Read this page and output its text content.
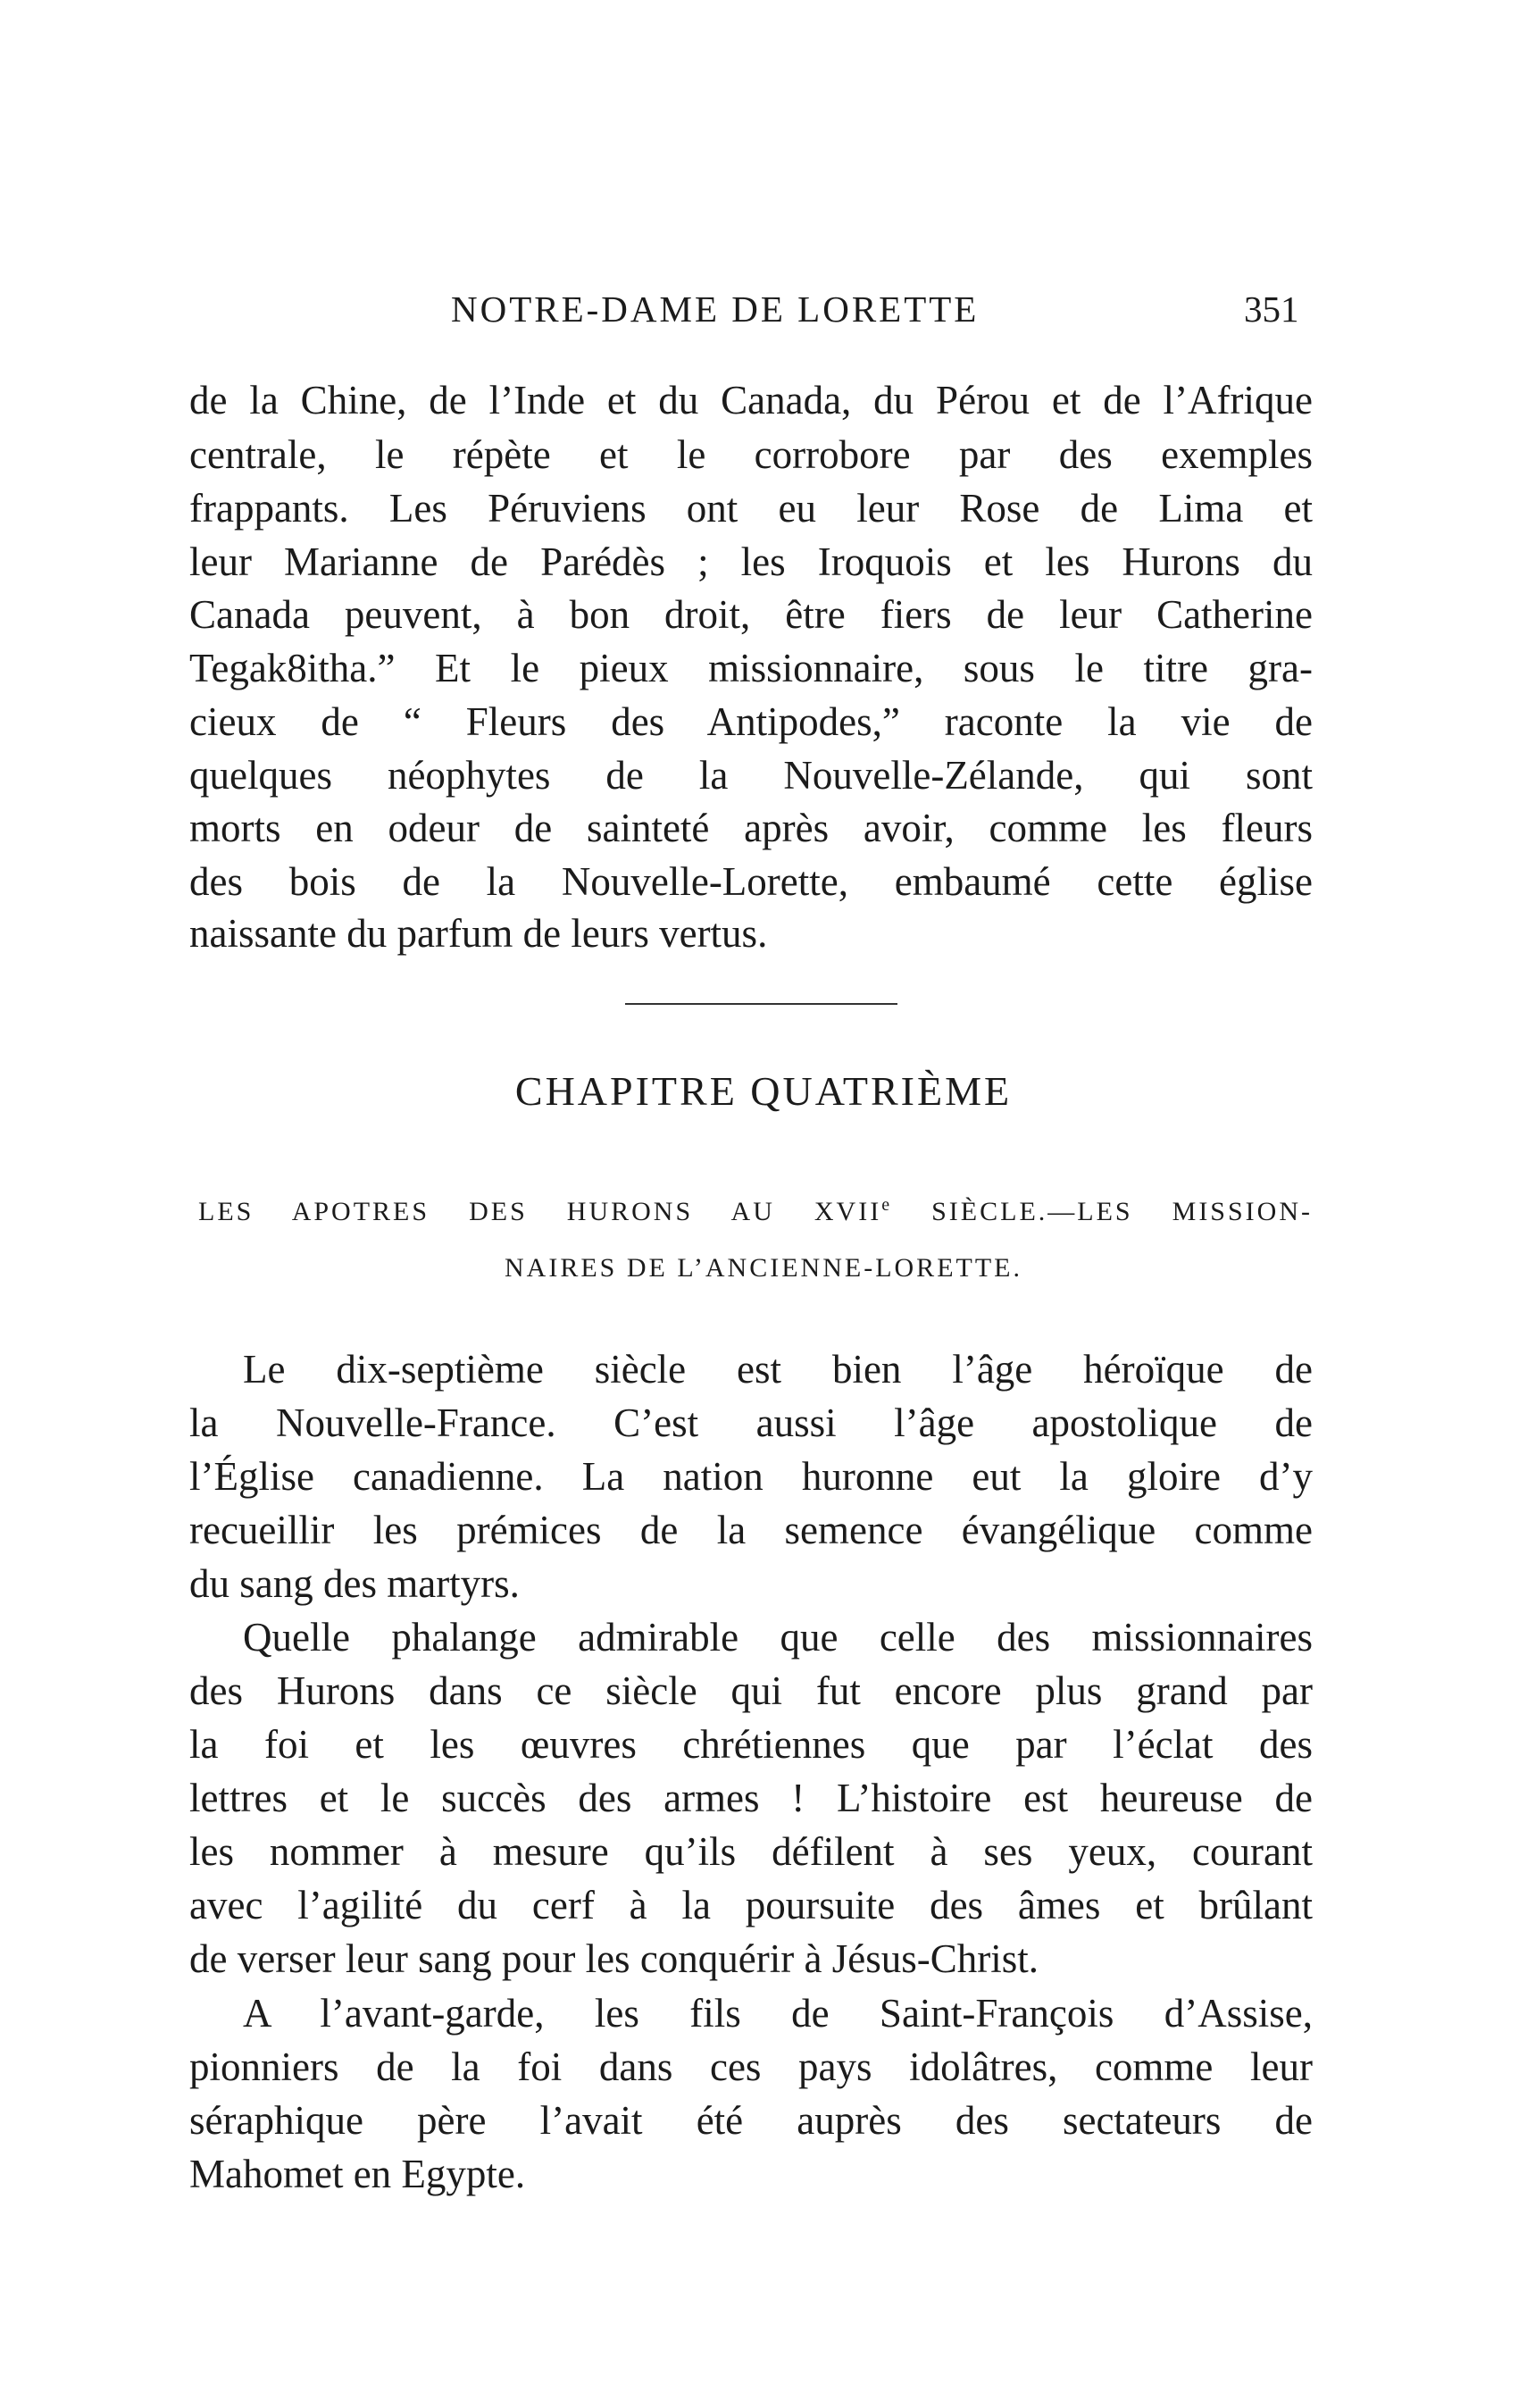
NOTRE-DAME DE LORETTE	351
de la Chine, de l’Inde et du Canada, du Pérou et de l’Afrique
centrale, le répète et le corrobore par des exemples
frappants. Les Péruviens ont eu leur Rose de Lima et
leur Marianne de Parédès ; les Iroquois et les Hurons du
Canada peuvent, à bon droit, être fiers de leur Catherine
Tegak8itha.” Et le pieux missionnaire, sous le titre gra-
cieux de “ Fleurs des Antipodes,” raconte la vie de
quelques néophytes de la Nouvelle-Zélande, qui sont
morts en odeur de sainteté après avoir, comme les fleurs
des bois de la Nouvelle-Lorette, embaumé cette église
naissante du parfum de leurs vertus.
CHAPITRE QUATRIÈME
LES APOTRES DES HURONS AU XVIIe SIÈCLE.—LES MISSION-
NAIRES DE L’ANCIENNE-LORETTE.
Le dix-septième siècle est bien l’âge héroïque de
la Nouvelle-France. C’est aussi l’âge apostolique de
l’Église canadienne. La nation huronne eut la gloire d’y
recueillir les prémices de la semence évangélique comme
du sang des martyrs.
Quelle phalange admirable que celle des missionnaires
des Hurons dans ce siècle qui fut encore plus grand par
la foi et les œuvres chrétiennes que par l’éclat des
lettres et le succès des armes ! L’histoire est heureuse de
les nommer à mesure qu’ils défilent à ses yeux, courant
avec l’agilité du cerf à la poursuite des âmes et brûlant
de verser leur sang pour les conquérir à Jésus-Christ.
A l’avant-garde, les fils de Saint-François d’Assise,
pionniers de la foi dans ces pays idolâtres, comme leur
séraphique père l’avait été auprès des sectateurs de
Mahomet en Egypte.
